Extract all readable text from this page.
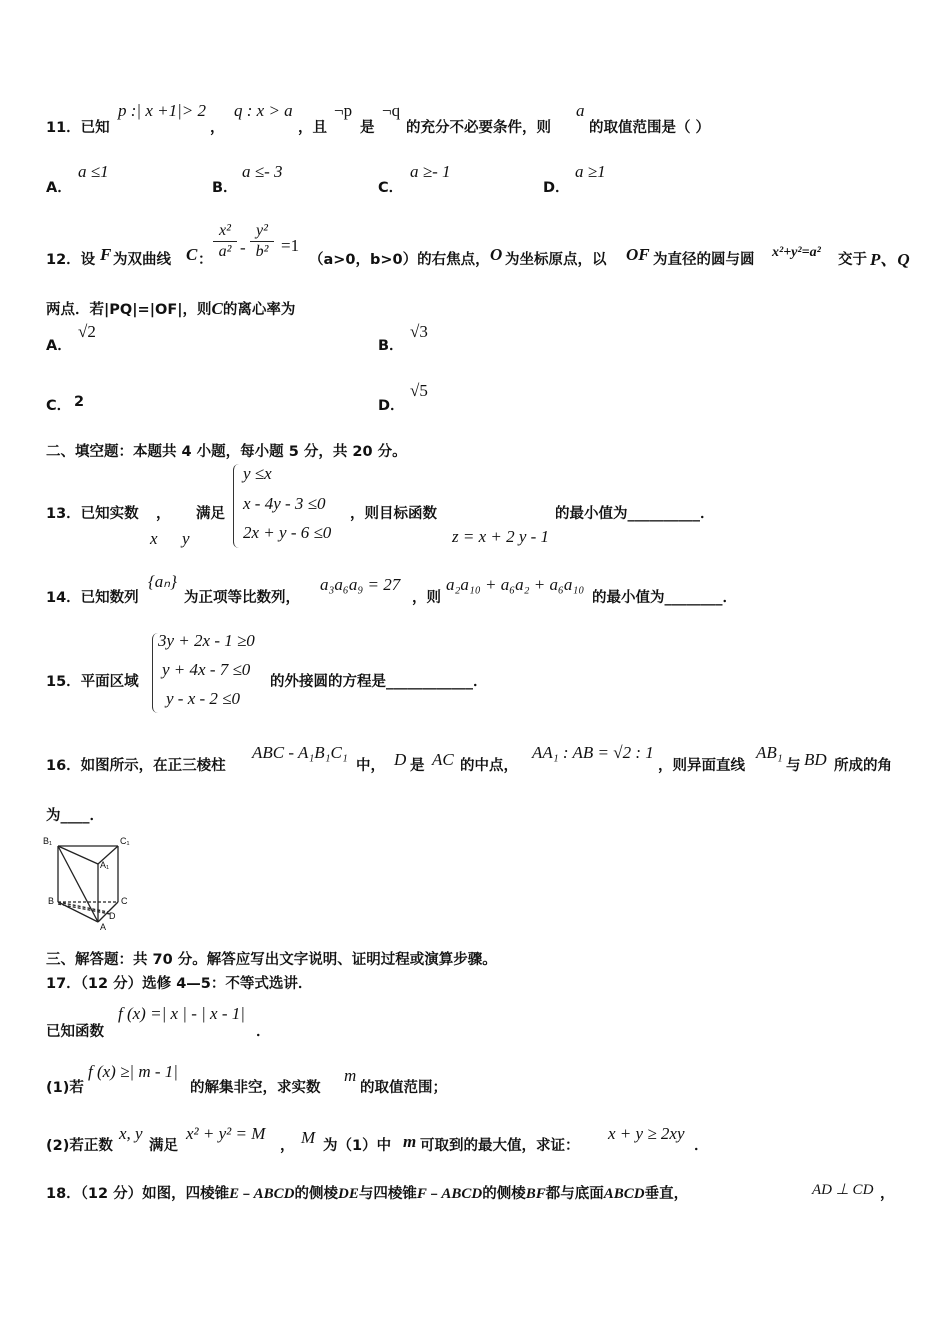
11．已知
p :| x +1|> 2
，
q : x > a
，且
¬p
是
¬q
的充分不必要条件，则
a
的取值范围是（ ）
A．
a ≤1
B．
a ≤- 3
C．
a ≥- 1
D．
a ≥1
12．设 F 为双曲线 C ：
x²
a² -
y²
b² =1
（a>0，b>0）的右焦点， O 为坐标原点，以 OF 为直径的圆与圆 x²+y²=a² 交于 P、Q
两点．若|PQ|=|OF|，则C的离心率为
A．
√2
B．
√3
C． 2	D．
√5
二、填空题：本题共 4 小题，每小题 5 分，共 20 分。
13．已知实数 ， 满足
x y
y ≤x
x - 4y - 3 ≤0
2x + y - 6 ≤0
，则目标函数	的最小值为__________．
z = x + 2 y - 1
14．已知数列
{aₙ}
为正项等比数列，
a₃a₆a₉ = 27
，则
a₂a₁₀ + a₆a₂ + a₆a₁₀
的最小值为________．
15．平面区域
3y + 2x - 1 ≥0
y + 4x - 7 ≤0
y - x - 2 ≤0
的外接圆的方程是____________．
16．如图所示，在正三棱柱
ABC - A₁B₁C₁
中， D 是 AC 的中点，
AA₁ : AB = √2 : 1
，则异面直线
AB₁
与 BD 所成的角
为____．
B₁	C₁
A₁
B	C
D
A
三、解答题：共 70 分。解答应写出文字说明、证明过程或演算步骤。
17．（12 分）选修 4—5：不等式选讲．
已知函数
f (x) =| x | - | x - 1|
．
(1)若
f (x) ≥| m - 1|
的解集非空，求实数
m
的取值范围；
(2)若正数
x, y
满足
x² + y² = M
， M 为（1）中 m 可取到的最大值，求证：
x + y ≥ 2xy
．
18．（12 分）如图，四棱锥E﹣ABCD的侧棱DE与四棱锥F﹣ABCD的侧棱BF都与底面ABCD垂直，	AD ⊥ CD ，
